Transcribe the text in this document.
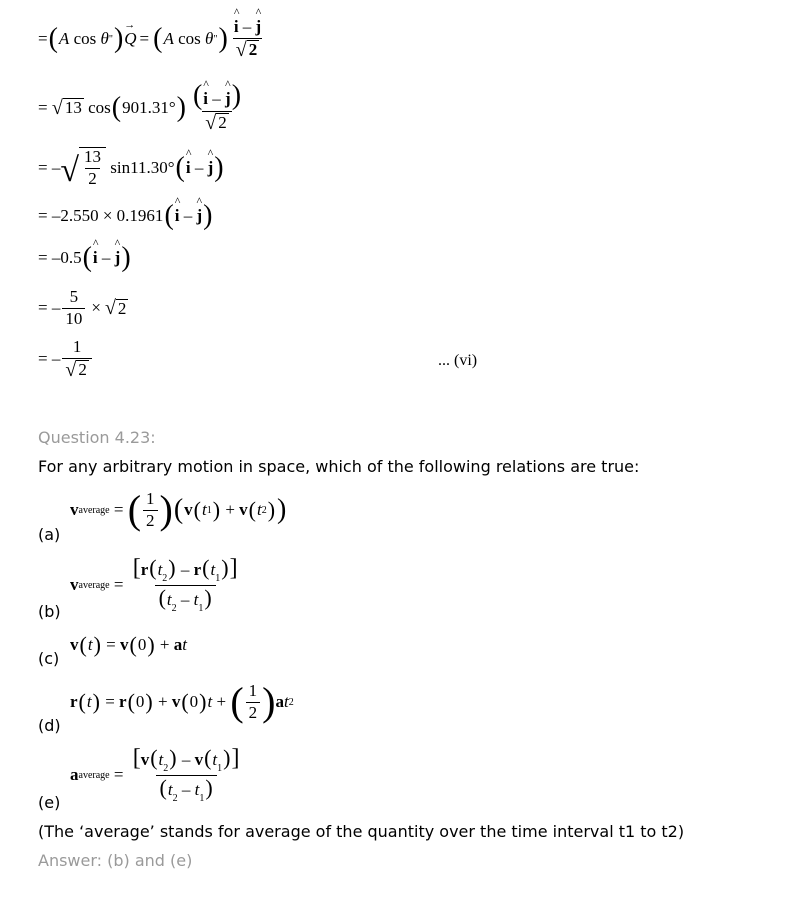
= ( A
cos
θ " ) →
Q = ( A cos θ " ) ^ $\frac{i - \^{} j}{√ 2}$
=
√ 13
cos ( 901.31° ) $\frac{(\^{} i - \^{} j)}{√ 2}$
= – √ $\frac{13}{2}$
sin11.30° ( ^ i – ^ j )
= –2.550 × 0.1961 ( ^ i – ^ j )
= –0.5 ( ^ i – ^ j )
= – $\frac{5}{10}$ × √ 2
= – $\frac{1}{√ 2}$	... (vi)
Question 4.23:
For any arbitrary motion in space, which of the following relations are true:
v average = ( $\frac{1}{2}$ ) ( v ( t 1 ) + v ( t 2 ) )
(a)
v average = $\frac{[r(t_2) - r(t_1)]}{(t_2 - t_1)}$
(b)
v ( t ) = v ( 0 ) + a t
(c)
r ( t ) = r ( 0 ) + v ( 0 ) t + ( $\frac{1}{2}$ ) a t 2
(d)
a average = $\frac{[v(t_2) - v(t_1)]}{(t_2 - t_1)}$
(e)
(The ‘average’ stands for average of the quantity over the time interval t1 to t2)
Answer: (b) and (e)
